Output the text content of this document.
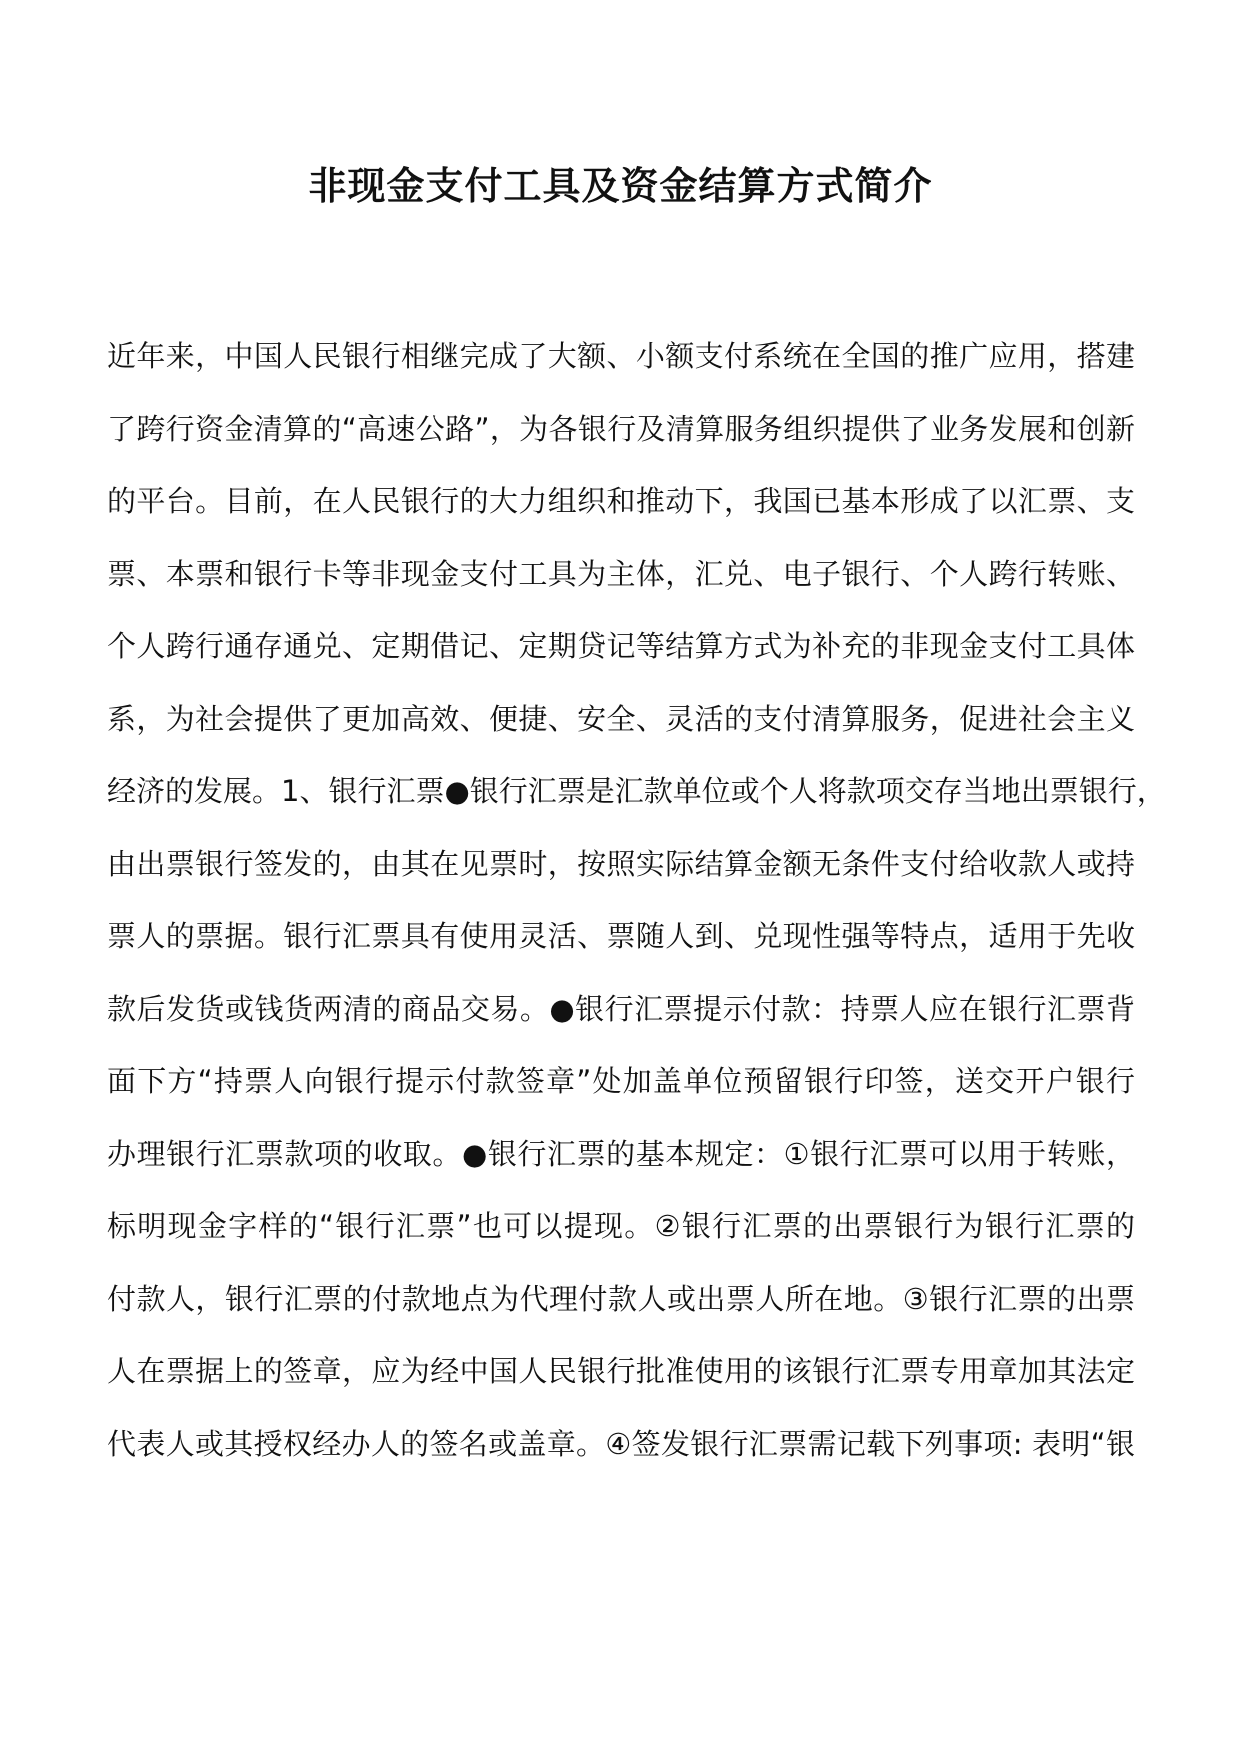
非现金支付工具及资金结算方式简介
近年来，中国人民银行相继完成了大额、小额支付系统在全国的推广应用，搭建
了跨行资金清算的“高速公路”，为各银行及清算服务组织提供了业务发展和创新
的平台。目前，在人民银行的大力组织和推动下，我国已基本形成了以汇票、支
票、本票和银行卡等非现金支付工具为主体，汇兑、电子银行、个人跨行转账、
个人跨行通存通兑、定期借记、定期贷记等结算方式为补充的非现金支付工具体
系，为社会提供了更加高效、便捷、安全、灵活的支付清算服务，促进社会主义
经济的发展。1、银行汇票●银行汇票是汇款单位或个人将款项交存当地出票银行，
由出票银行签发的，由其在见票时，按照实际结算金额无条件支付给收款人或持
票人的票据。银行汇票具有使用灵活、票随人到、兑现性强等特点，适用于先收
款后发货或钱货两清的商品交易。●银行汇票提示付款：持票人应在银行汇票背
面下方“持票人向银行提示付款签章”处加盖单位预留银行印签，送交开户银行
办理银行汇票款项的收取。●银行汇票的基本规定：①银行汇票可以用于转账，
标明现金字样的“银行汇票”也可以提现。②银行汇票的出票银行为银行汇票的
付款人，银行汇票的付款地点为代理付款人或出票人所在地。③银行汇票的出票
人在票据上的签章，应为经中国人民银行批准使用的该银行汇票专用章加其法定
代表人或其授权经办人的签名或盖章。④签发银行汇票需记载下列事项: 表明“银
